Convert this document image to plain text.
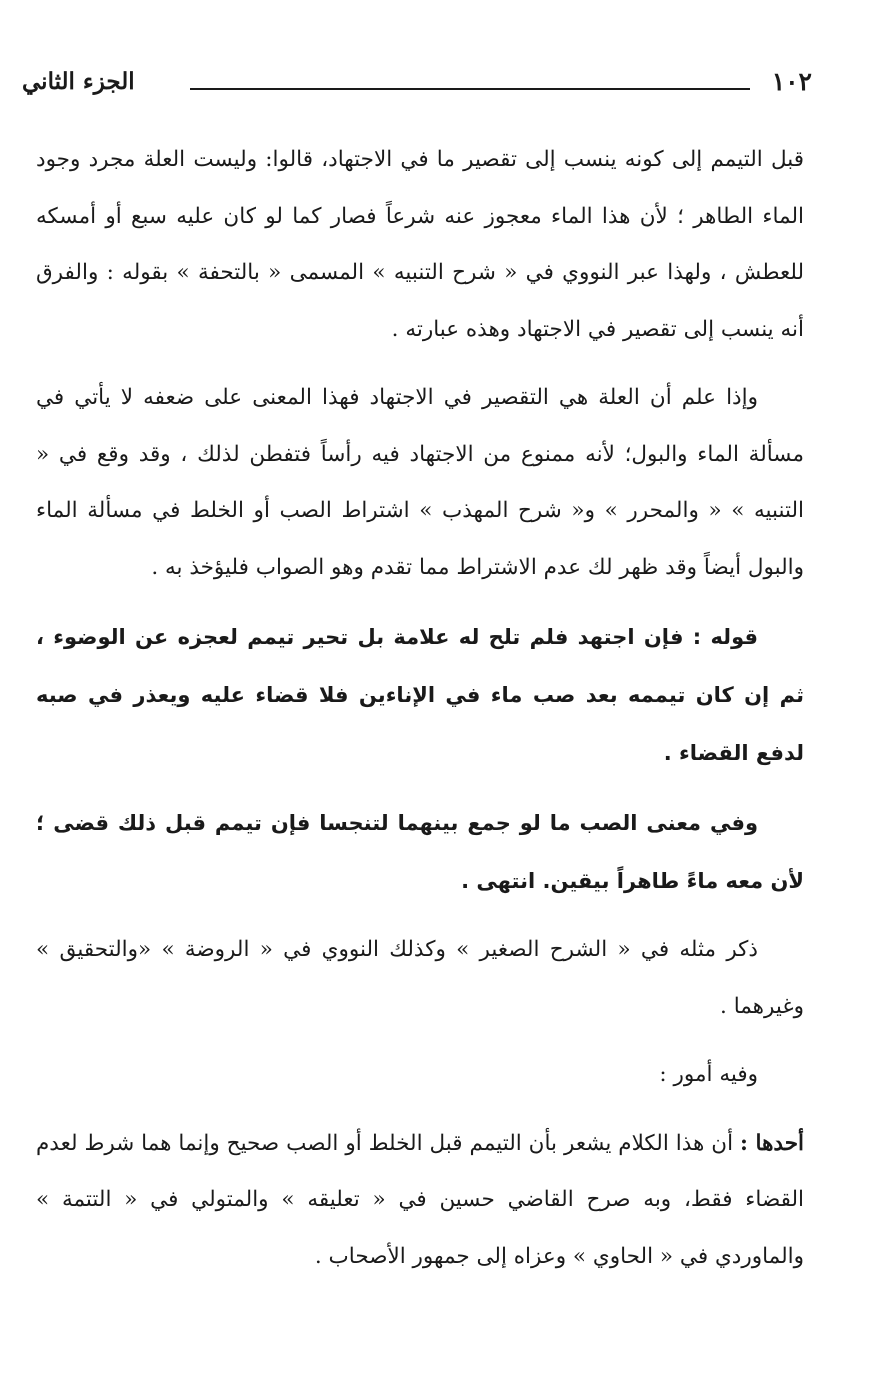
١٠٢
الجزء الثاني

قبل التيمم إلى كونه ينسب إلى تقصير ما في الاجتهاد، قالوا: وليست العلة مجرد وجود الماء الطاهر ؛ لأن هذا الماء معجوز عنه شرعاً فصار كما لو كان عليه سبع أو أمسكه للعطش ، ولهذا عبر النووي في « شرح التنبيه » المسمى « بالتحفة » بقوله : والفرق أنه ينسب إلى تقصير في الاجتهاد وهذه عبارته .

وإذا علم أن العلة هي التقصير في الاجتهاد فهذا المعنى على ضعفه لا يأتي في مسألة الماء والبول؛ لأنه ممنوع من الاجتهاد فيه رأساً فتفطن لذلك ، وقد وقع في « التنبيه » « والمحرر » و« شرح المهذب » اشتراط الصب أو الخلط في مسألة الماء والبول أيضاً وقد ظهر لك عدم الاشتراط مما تقدم وهو الصواب فليؤخذ به .

قوله : فإن اجتهد فلم تلح له علامة بل تحير تيمم لعجزه عن الوضوء ، ثم إن كان تيممه بعد صب ماء في الإناءين فلا قضاء عليه ويعذر في صبه لدفع القضاء .

وفي معنى الصب ما لو جمع بينهما لتنجسا فإن تيمم قبل ذلك قضى ؛ لأن معه ماءً طاهراً بيقين. انتهى .

ذكر مثله في « الشرح الصغير » وكذلك النووي في « الروضة » «والتحقيق » وغيرهما .

وفيه أمور :

أحدها : أن هذا الكلام يشعر بأن التيمم قبل الخلط أو الصب صحيح وإنما هما شرط لعدم القضاء فقط، وبه صرح القاضي حسين في « تعليقه » والمتولي في « التتمة » والماوردي في « الحاوي » وعزاه إلى جمهور الأصحاب .
